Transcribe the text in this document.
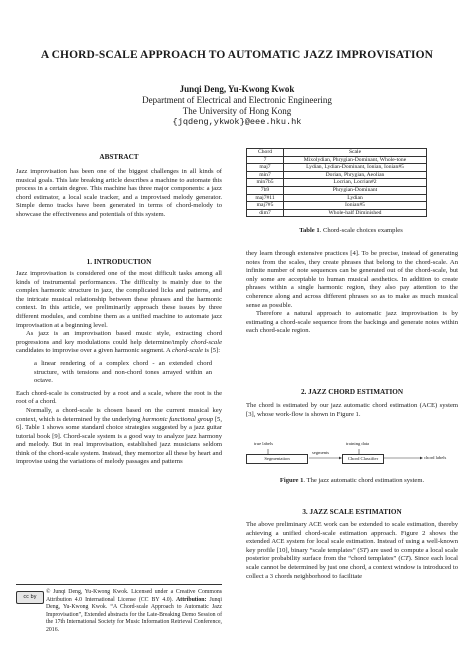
A CHORD-SCALE APPROACH TO AUTOMATIC JAZZ IMPROVISATION
Junqi Deng, Yu-Kwong Kwok
Department of Electrical and Electronic Engineering
The University of Hong Kong
{jqdeng,ykwok}@eee.hku.hk
ABSTRACT

Jazz improvisation has been one of the biggest challenges in all kinds of musical goals. This late breaking article describes a machine to automate this process in a certain degree. This machine has three major components: a jazz chord estimator, a local scale tracker, and a improvised melody generator. Simple demo tracks have been generated in terms of chord-melody to showcase the effectiveness and potentials of this system.

1. INTRODUCTION

Jazz improvisation is considered one of the most difficult tasks among all kinds of instrumental performances. The difficulty is mainly due to the complex harmonic structure in jazz, the complicated licks and patterns, and the intricate musical relationship between these phrases and the harmonic context. In this article, we preliminarily approach these issues by three different modules, and combine them as a unified machine to automate jazz improvisation at a beginning level.

As jazz is an improvisation based music style, extracting chord progressions and key modulations could help determine/imply chord-scale candidates to improvise over a given harmonic segment. A chord-scale is [5]:

a linear rendering of a complex chord - an extended chord structure, with tensions and non-chord tones arrayed within an octave.

Each chord-scale is constructed by a root and a scale, where the root is the root of a chord.

Normally, a chord-scale is chosen based on the current musical key context, which is determined by the underlying harmonic functional group [5, 6]. Table 1 shows some standard choice strategies suggested by a jazz guitar tutorial book [9]. Chord-scale system is a good way to analyze jazz harmony and melody. But in real improvisation, established jazz musicians seldom think of the chord-scale system. Instead, they memorize all these by heart and improvise using the variations of melody passages and patterns

cc by
© Junqi Deng, Yu-Kwong Kwok. Licensed under a Creative Commons Attribution 4.0 International License (CC BY 4.0). Attribution: Junqi Deng, Yu-Kwong Kwok. “A Chord-scale Approach to Automatic Jazz Improvisation”, Extended abstracts for the Late-Breaking Demo Session of the 17th International Society for Music Information Retrieval Conference, 2016.
Chord	Scale
7	Mixolydian, Phrygian-Dominant, Whole-tone
maj7	Lydian, Lydian-Dominant, Ionian, Ionian#5
min7	Dorian, Phrygian, Aeolian
min7b5	Locrian, Locrian#2
7b9	Phrygian-Dominant
maj7#11	Lydian
maj7#5	Ionian#5
dim7	Whole-half Diminished
Table 1. Chord-scale choices examples

they learn through extensive practices [4]. To be precise, instead of generating notes from the scales, they create phrases that belong to the chord-scale. An infinite number of note sequences can be generated out of the chord-scale, but only some are acceptable to human musical aesthetics. In addition to create phrases within a single harmonic region, they also pay attention to the coherence along and across different phrases so as to make as much musical sense as possible.

Therefore a natural approach to automatic jazz improvisation is by estimating a chord-scale sequence from the backings and generate notes within each chord-scale region.

2. JAZZ CHORD ESTIMATION

The chord is estimated by our jazz automatic chord estimation (ACE) system [3], whose work-flow is shown in Figure 1.

true labels	training data
Segmentation
segments
Chord Classifier	chord labels
Figure 1. The jazz automatic chord estimation system.
3. JAZZ SCALE ESTIMATION

The above preliminary ACE work can be extended to scale estimation, thereby achieving a unified chord-scale estimation approach. Figure 2 shows the extended ACE system for local scale estimation. Instead of using a well-known key profile [10], binary “scale templates” (ST) are used to compute a local scale posterior probability surface from the “chord templates” (CT). Since each local scale cannot be determined by just one chord, a context window is introduced to collect a 3 chords neighborhood to facilitate
